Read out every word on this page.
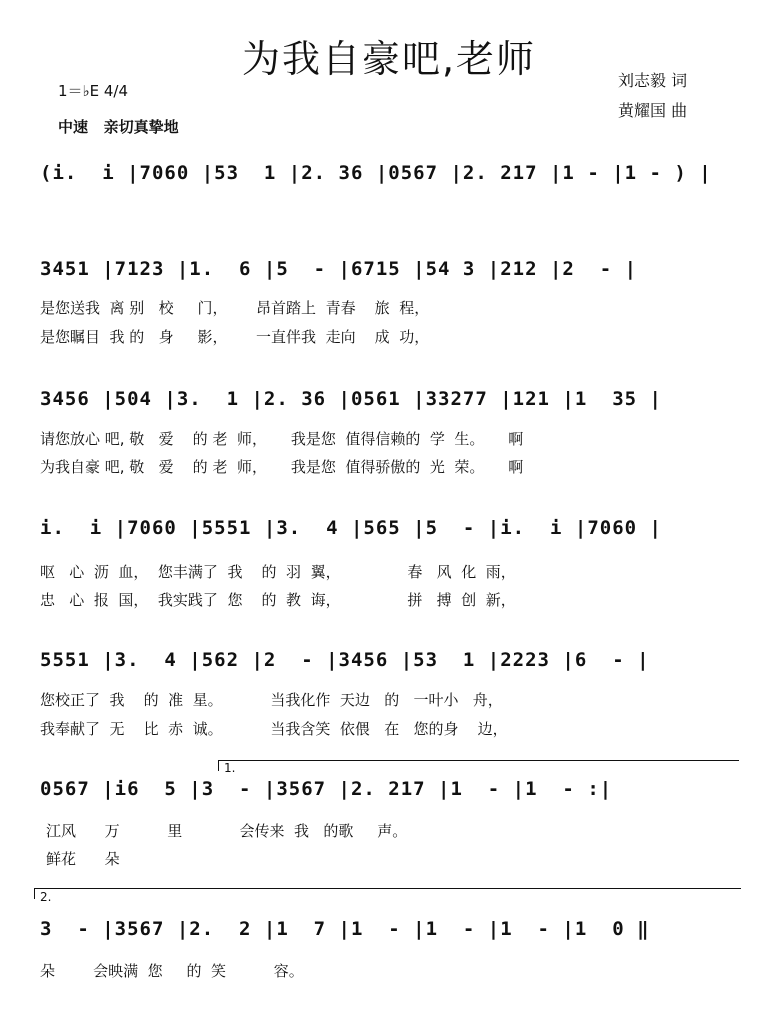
为我自豪吧,老师
1＝♭E 4/4
中速   亲切真挚地
刘志毅 词
黄耀国 曲
(i.  i |7060 |53  1 |2. 36 |0567 |2. 217 |1 - |1 - ) |
3451 |7123 |1.  6 |5  - |6715 |54 3 |212 |2  - |
是您送我  离 别   校     门，      昂首踏上  青春    旅  程，
是您瞩目  我 的   身     影，      一直伴我  走向    成  功，
3456 |504 |3.  1 |2. 36 |0561 |33277 |121 |1  35 |
请您放心 吧, 敬   爱    的 老  师，     我是您  值得信赖的  学  生。     啊
为我自豪 吧, 敬   爱    的 老  师，     我是您  值得骄傲的  光  荣。     啊
i.  i |7060 |5551 |3.  4 |565 |5  - |i.  i |7060 |
呕   心  沥  血，  您丰满了  我    的  羽  翼，              春   风  化  雨，
忠   心  报  国，  我实践了  您    的  教  诲，              拼   搏  创  新，
5551 |3.  4 |562 |2  - |3456 |53  1 |2223 |6  - |
您校正了  我    的  准  星。          当我化作  天边   的   一叶小   舟，
我奉献了  无    比  赤  诚。          当我含笑  依偎   在   您的身    边，
1.
0567 |i6  5 |3  - |3567 |2. 217 |1  - |1  - :|
江风      万          里            会传来  我   的歌     声。
鲜花      朵
2.
3  - |3567 |2.  2 |1  7 |1  - |1  - |1  - |1  0 ‖
朵        会映满  您     的  笑          容。
